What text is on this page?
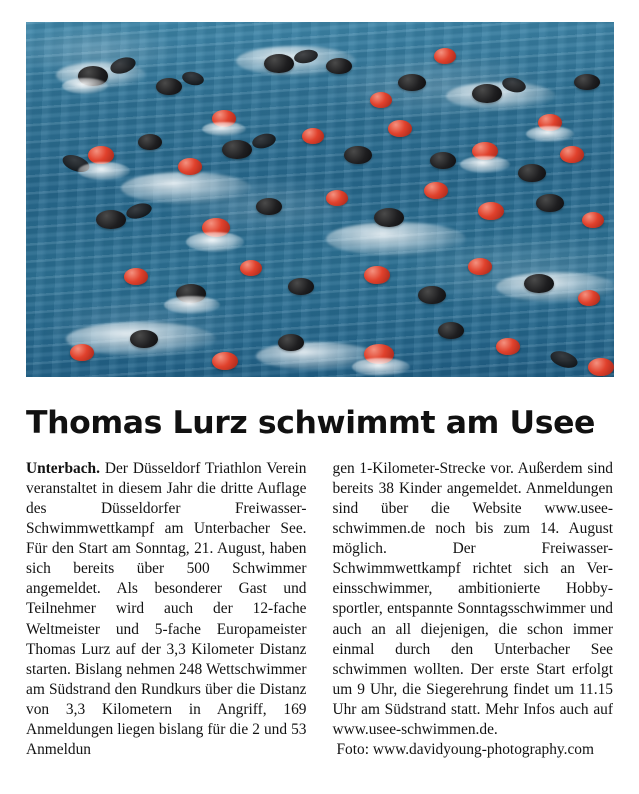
Thomas Lurz schwimmt am Usee

Unterbach. Der Düsseldorf Triathlon Verein veranstaltet in diesem Jahr die dritte Auflage des Düsseldorfer Freiwasser-Schwimmwettkampf am Unterbacher See. Für den Start am Sonntag, 21. August, haben sich bereits über 500 Schwimmer angemeldet. Als besonderer Gast und Teilnehmer wird auch der 12-fache Weltmeister und 5-fache Europameister Thomas Lurz auf der 3,3 Kilometer Distanz starten. Bislang nehmen 248 Wettschwimmer am Südstrand den Rundkurs über die Distanz von 3,3 Kilometern in Angriff, 169 Anmeldungen liegen bislang für die 2 und 53 Anmeldun

gen 1-Kilometer-Strecke vor. Außerdem sind bereits 38 Kinder angemeldet. Anmeldungen sind über die Website www.usee-schwimmen.de noch bis zum 14. August möglich. Der Freiwasser-Schwimmwettkampf richtet sich an Vereinsschwimmer, ambitionierte Hobbysportler, entspannte Sonntagsschwimmer und auch an all diejenigen, die schon immer einmal durch den Unterbacher See schwimmen wollten. Der erste Start erfolgt um 9 Uhr, die Siegerehrung findet um 11.15 Uhr am Südstrand statt. Mehr Infos auch auf www.usee-schwimmen.de.

Foto: www.davidyoung-photography.com
